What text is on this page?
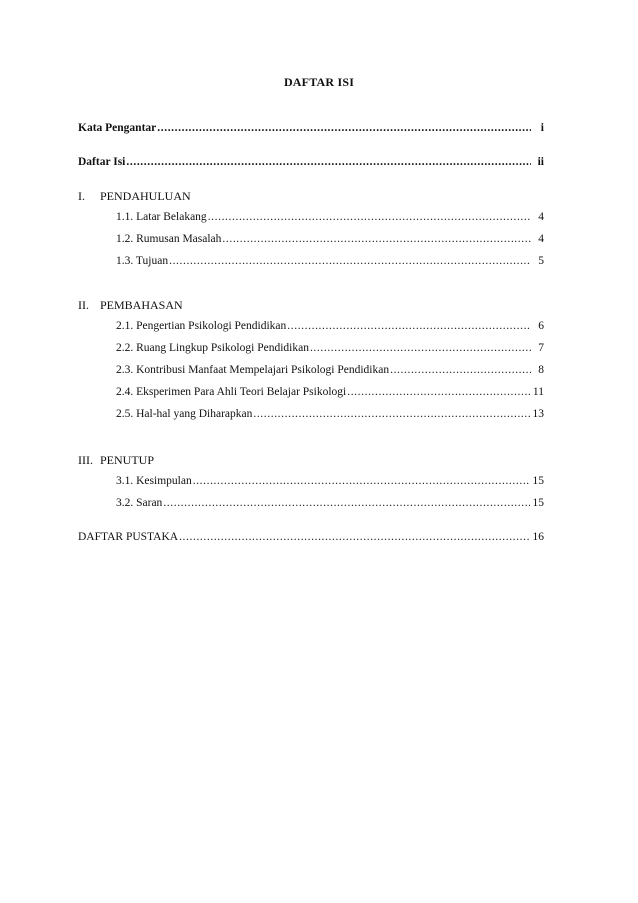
DAFTAR ISI
Kata Pengantar .....	i
Daftar Isi .....	ii
I.	PENDAHULUAN
1.1. Latar Belakang .....	4
1.2. Rumusan Masalah .....	4
1.3. Tujuan .....	5
II. PEMBAHASAN
2.1. Pengertian Psikologi Pendidikan .....	6
2.2. Ruang Lingkup Psikologi Pendidikan .....	7
2.3. Kontribusi Manfaat Mempelajari Psikologi Pendidikan .....	8
2.4. Eksperimen Para Ahli Teori Belajar Psikologi .....	11
2.5. Hal-hal yang Diharapkan .....	13
III. PENUTUP
3.1. Kesimpulan .....	15
3.2. Saran .....	15
DAFTAR PUSTAKA .....	16
